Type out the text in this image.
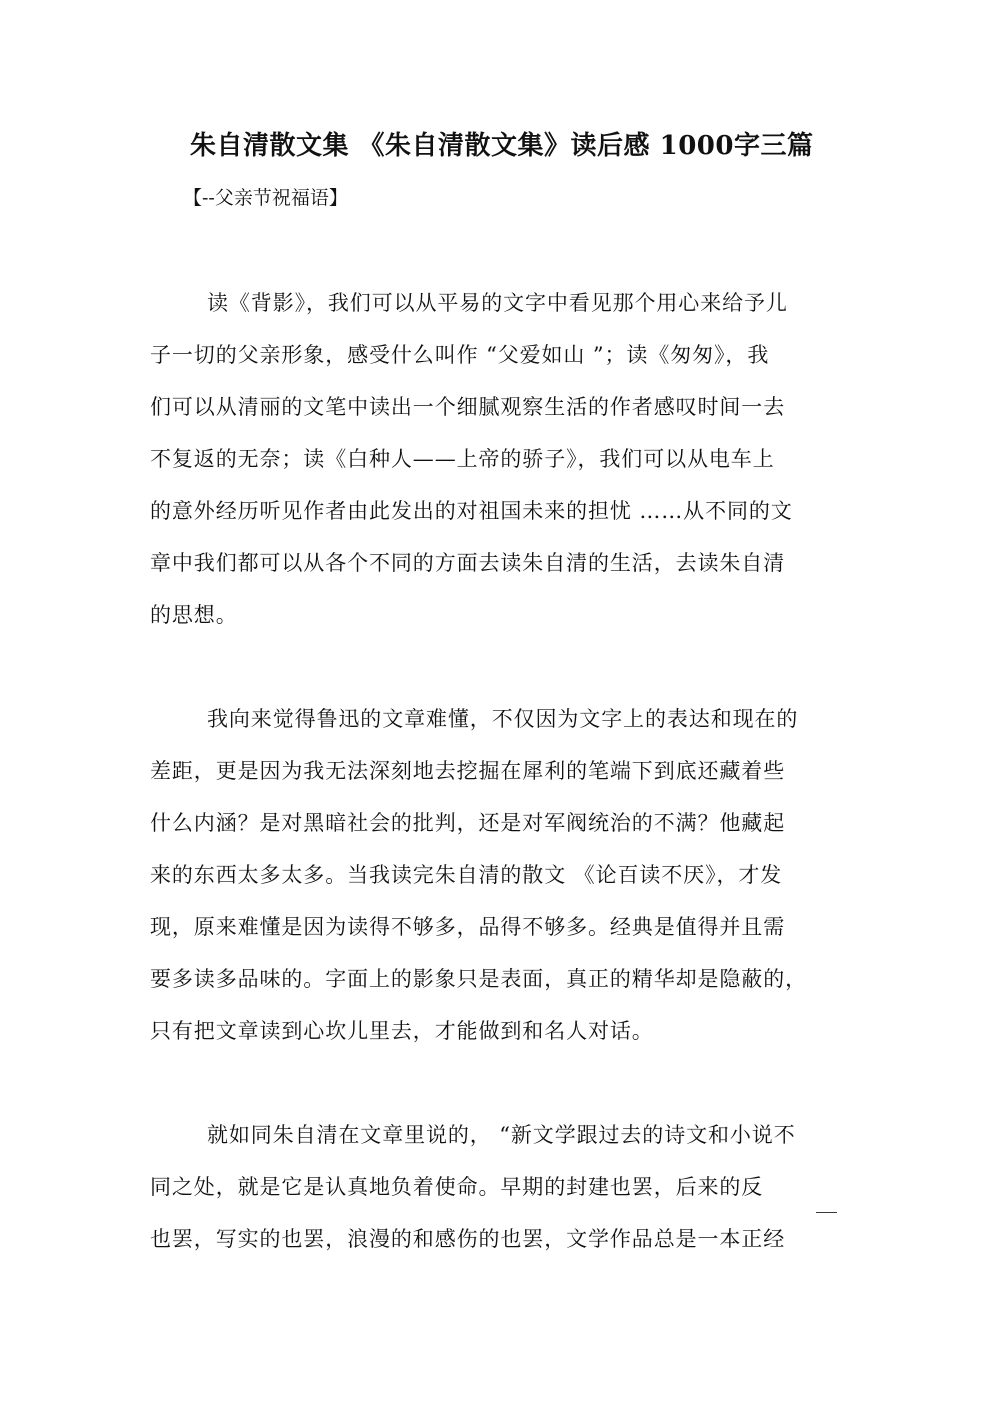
朱自清散文集 《朱自清散文集》读后感 1000字三篇
【--父亲节祝福语】
读《背影》，我们可以从平易的文字中看见那个用心来给予儿
子一切的父亲形象，感受什么叫作 “父爱如山 ”；读《匆匆》，我
们可以从清丽的文笔中读出一个细腻观察生活的作者感叹时间一去
不复返的无奈；读《白种人——上帝的骄子》，我们可以从电车上
的意外经历听见作者由此发出的对祖国未来的担忧 ……从不同的文
章中我们都可以从各个不同的方面去读朱自清的生活，去读朱自清
的思想。
我向来觉得鲁迅的文章难懂，不仅因为文字上的表达和现在的
差距，更是因为我无法深刻地去挖掘在犀利的笔端下到底还藏着些
什么内涵？是对黑暗社会的批判，还是对军阀统治的不满？他藏起
来的东西太多太多。当我读完朱自清的散文 《论百读不厌》，才发
现，原来难懂是因为读得不够多，品得不够多。经典是值得并且需
要多读多品味的。字面上的影象只是表面，真正的精华却是隐蔽的，
只有把文章读到心坎儿里去，才能做到和名人对话。
就如同朱自清在文章里说的， “新文学跟过去的诗文和小说不
同之处，就是它是认真地负着使命。早期的封建也罢，后来的反
__
也罢，写实的也罢，浪漫的和感伤的也罢，文学作品总是一本正经
